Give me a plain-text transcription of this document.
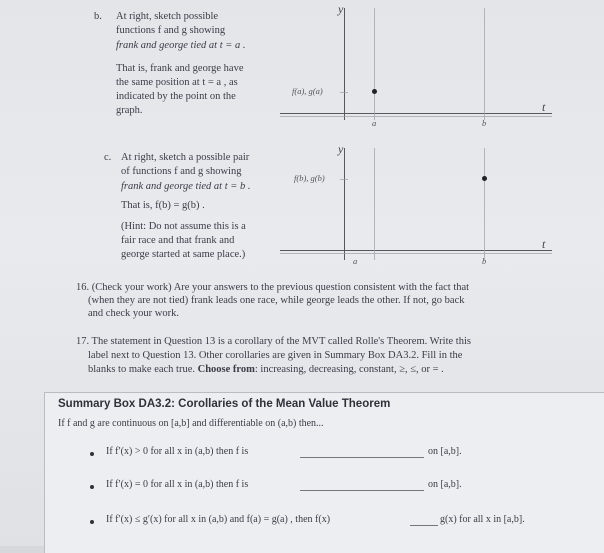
b. At right, sketch possible
functions f and g showing
frank and george tied at t = a .
That is, frank and george have
the same position at t = a , as
indicated by the point on the
graph.
y
f(a), g(a)
a	b
t
c. At right, sketch a possible pair
of functions f and g showing
frank and george tied at t = b .
That is, f(b) = g(b) .
(Hint: Do not assume this is a
fair race and that frank and
george started at same place.)
y
f(b), g(b)
a	b
t
16. (Check your work) Are your answers to the previous question consistent with the fact that
(when they are not tied) frank leads one race, while george leads the other. If not, go back
and check your work.
17. The statement in Question 13 is a corollary of the MVT called Rolle's Theorem. Write this
label next to Question 13. Other corollaries are given in Summary Box DA3.2. Fill in the
blanks to make each true. Choose from: increasing, decreasing, constant, ≥, ≤, or = .
Summary Box DA3.2: Corollaries of the Mean Value Theorem
If f and g are continuous on [a,b] and differentiable on (a,b) then...
If f′(x) > 0 for all x in (a,b) then f is	on [a,b].
If f′(x) = 0 for all x in (a,b) then f is	on [a,b].
If f′(x) ≤ g′(x) for all x in (a,b) and f(a) = g(a) , then f(x)	g(x) for all x in [a,b].
